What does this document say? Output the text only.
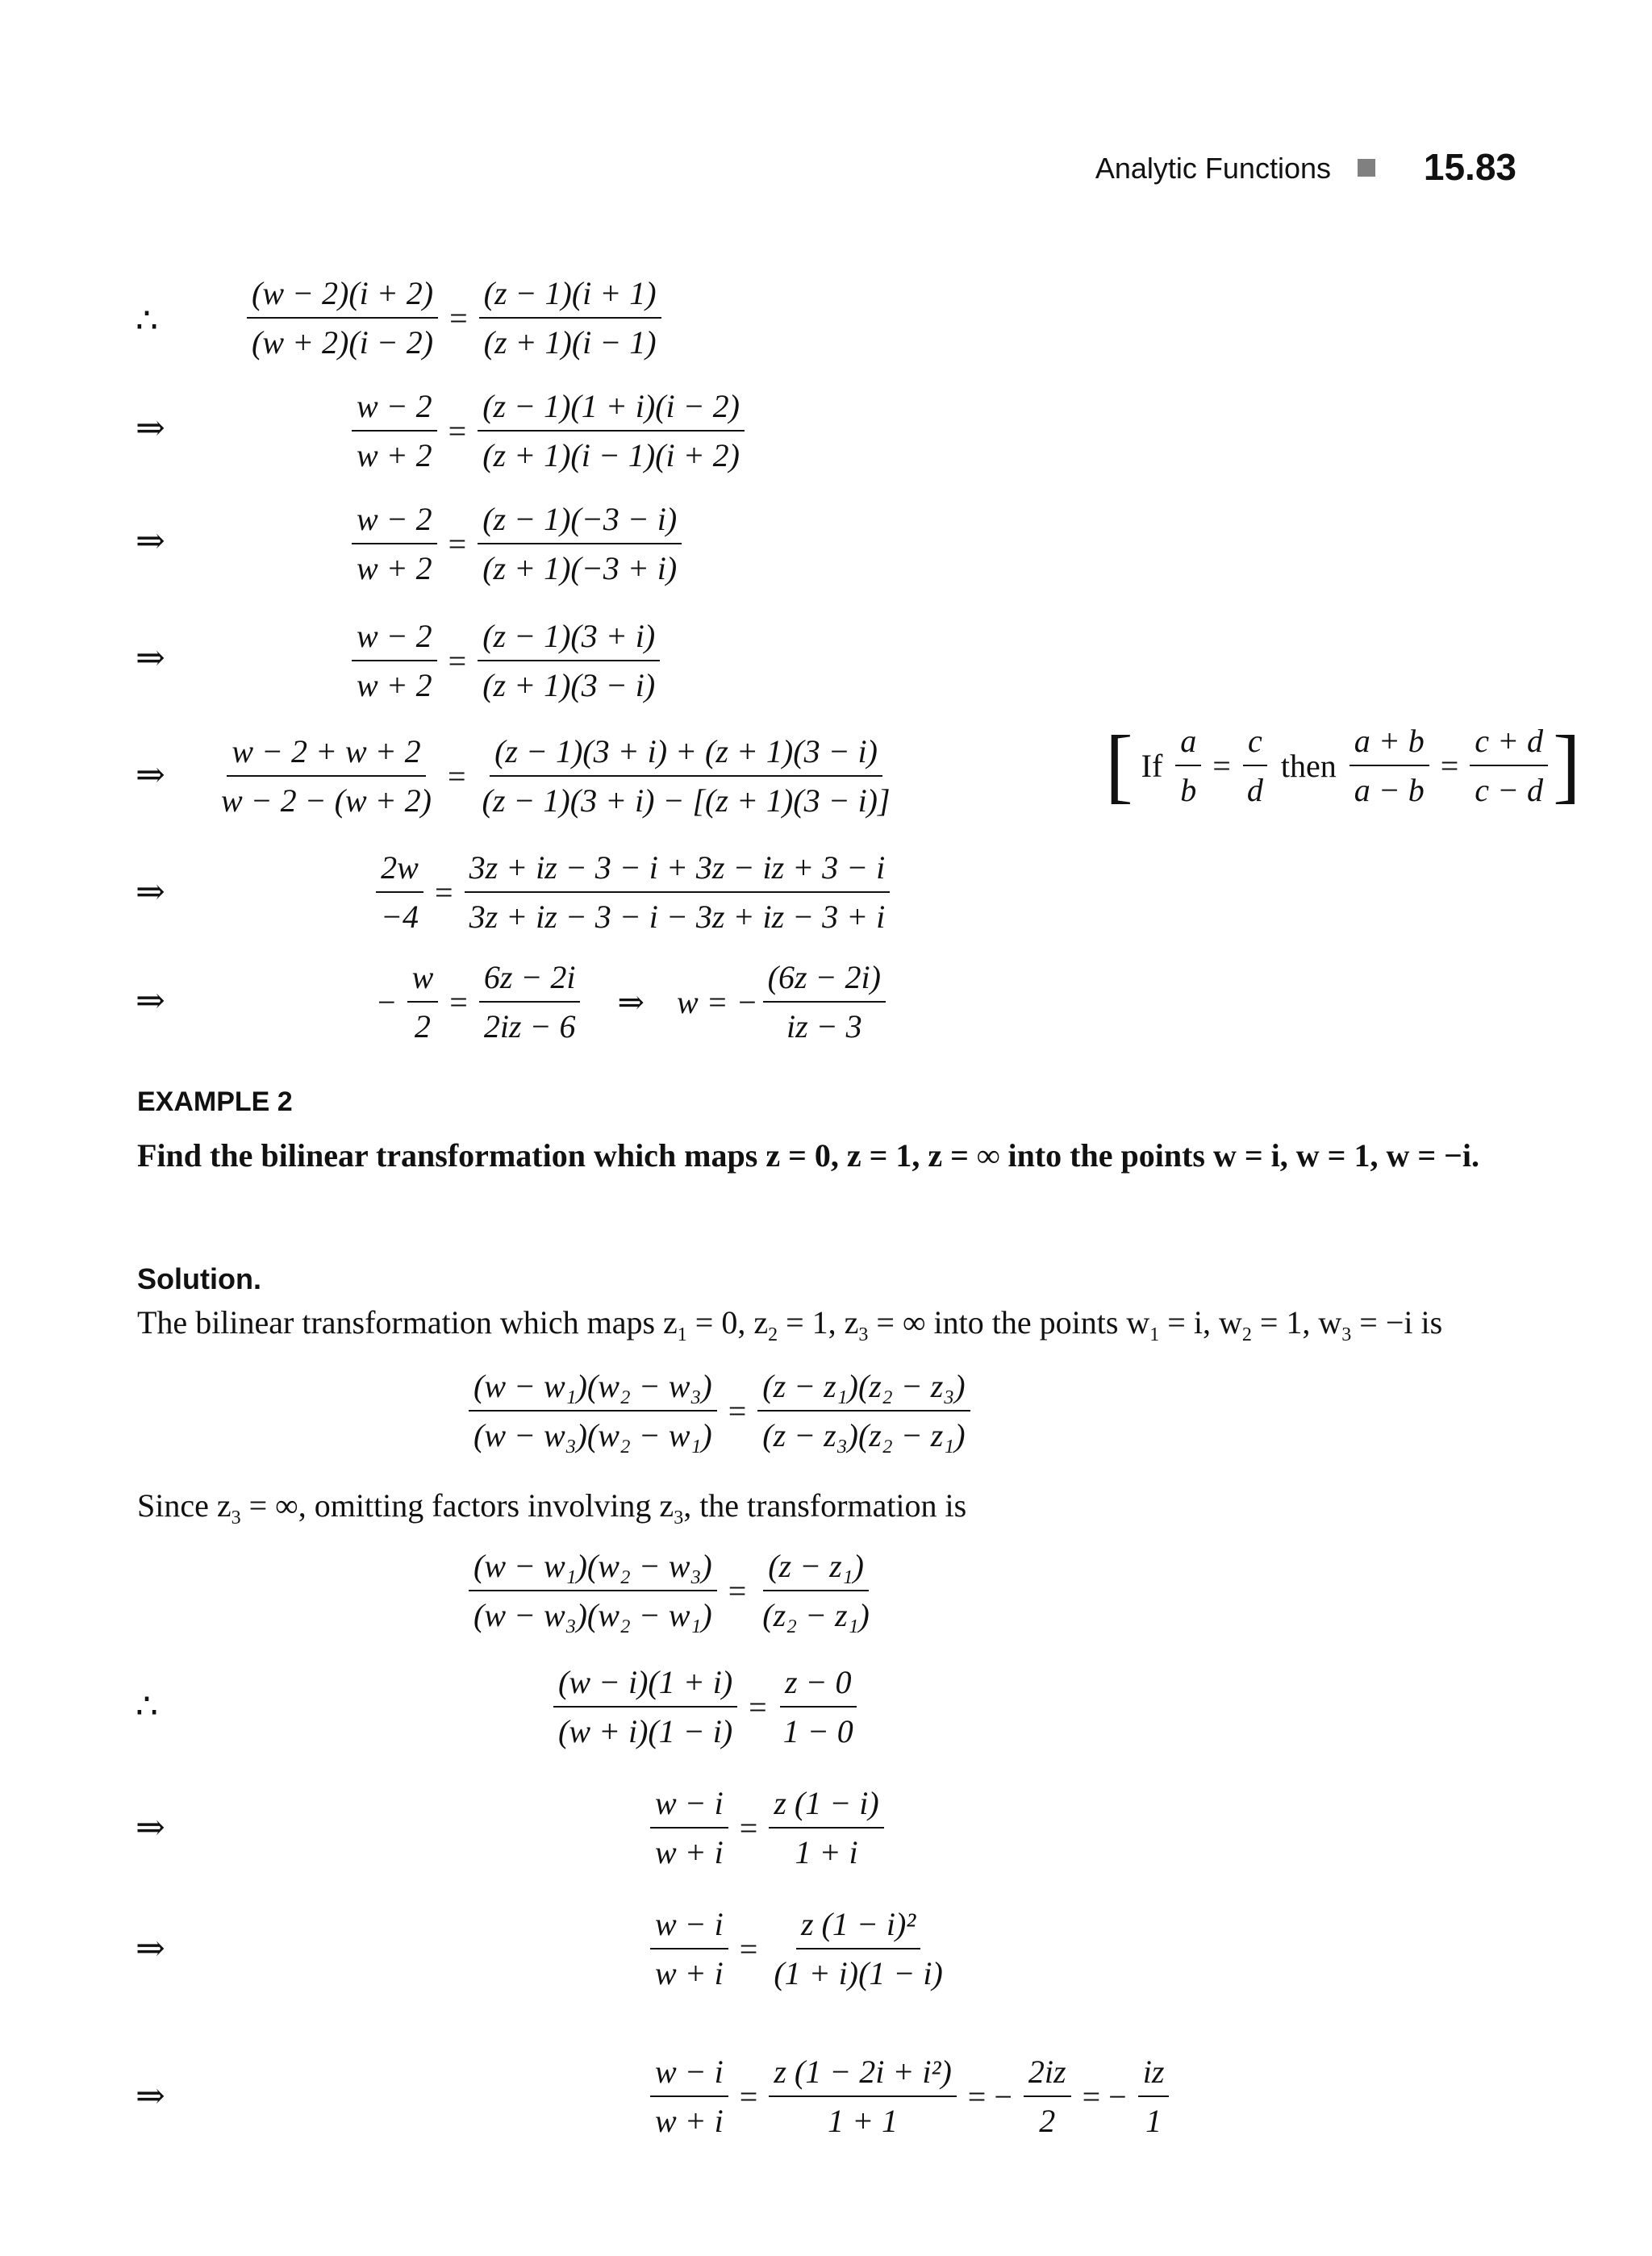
Analytic Functions 15.83
∴	$\frac{(w - 2)(i + 2)}{(w + 2)(i - 2)} = \frac{(z - 1)(i + 1)}{(z + 1)(i - 1)}$
⇒	$\frac{w - 2}{w + 2} = \frac{(z - 1)(1 + i)(i - 2)}{(z + 1)(i - 1)(i + 2)}$
⇒	$\frac{w - 2}{w + 2} = \frac{(z - 1)(-3 - i)}{(z + 1)(-3 + i)}$
⇒	$\frac{w - 2}{w + 2} = \frac{(z - 1)(3 + i)}{(z + 1)(3 - i)}$
⇒ $\frac{w - 2 + w + 2}{w - 2 - (w + 2)} = \frac{(z - 1)(3 + i) + (z + 1)(3 - i)}{(z - 1)(3 + i) - [(z + 1)(3 - i)]}$	[ If $\frac{a}{b} = \frac{c}{d}$ then $\frac{a + b}{a - b} = \frac{c + d}{c - d}$ ]
⇒	$\frac{2w}{-4} = \frac{3z + iz - 3 - i + 3z - iz + 3 - i}{3z + iz - 3 - i - 3z + iz - 3 + i}$
⇒	− $\frac{w}{2} = \frac{6z - 2i}{2iz - 6}$ ⇒ w = − $\frac{(6z - 2i)}{iz - 3}$
EXAMPLE 2
Find the bilinear transformation which maps z = 0, z = 1, z = ∞ into the points w = i, w = 1, w = −i.
Solution.
The bilinear transformation which maps $z_1 = 0$, $z_2 = 1$, $z_3$ = ∞ into the points $w_1 = i$, $w_2 = 1$, $w_3 = -i$ is
$\frac{\text{(w − w₁)(w₂ − w₃)}}{\text{(w − w₃)(w₂ − w₁)}} = \frac{\text{(z − z₁)(z₂ − z₃)}}{\text{(z − z₃)(z₂ − z₁)}}$
Since $z_3$ = ∞, omitting factors involving $z_3$, the transformation is
$\frac{\text{(w − w₁)(w₂ − w₃)}}{\text{(w − w₃)(w₂ − w₁)}} = \frac{\text{(z − z₁)}}{\text{(z₂ − z₁)}}$
∴	$\frac{(w - i)(1 + i)}{(w + i)(1 - i)} = \frac{z - 0}{1 - 0}$
⇒	$\frac{w - i}{w + i} = \frac{z (1 - i)}{1 + i}$
⇒	$\frac{w - i}{w + i} = \frac{\text{z (1 − i)²}}{(1 + i)(1 - i)}$
⇒	$\frac{w - i}{w + i} = \frac{\text{z (1 − 2i + i²)}}{1 + 1}$ = − $\frac{2iz}{2}$ = − $\frac{iz}{1}$
